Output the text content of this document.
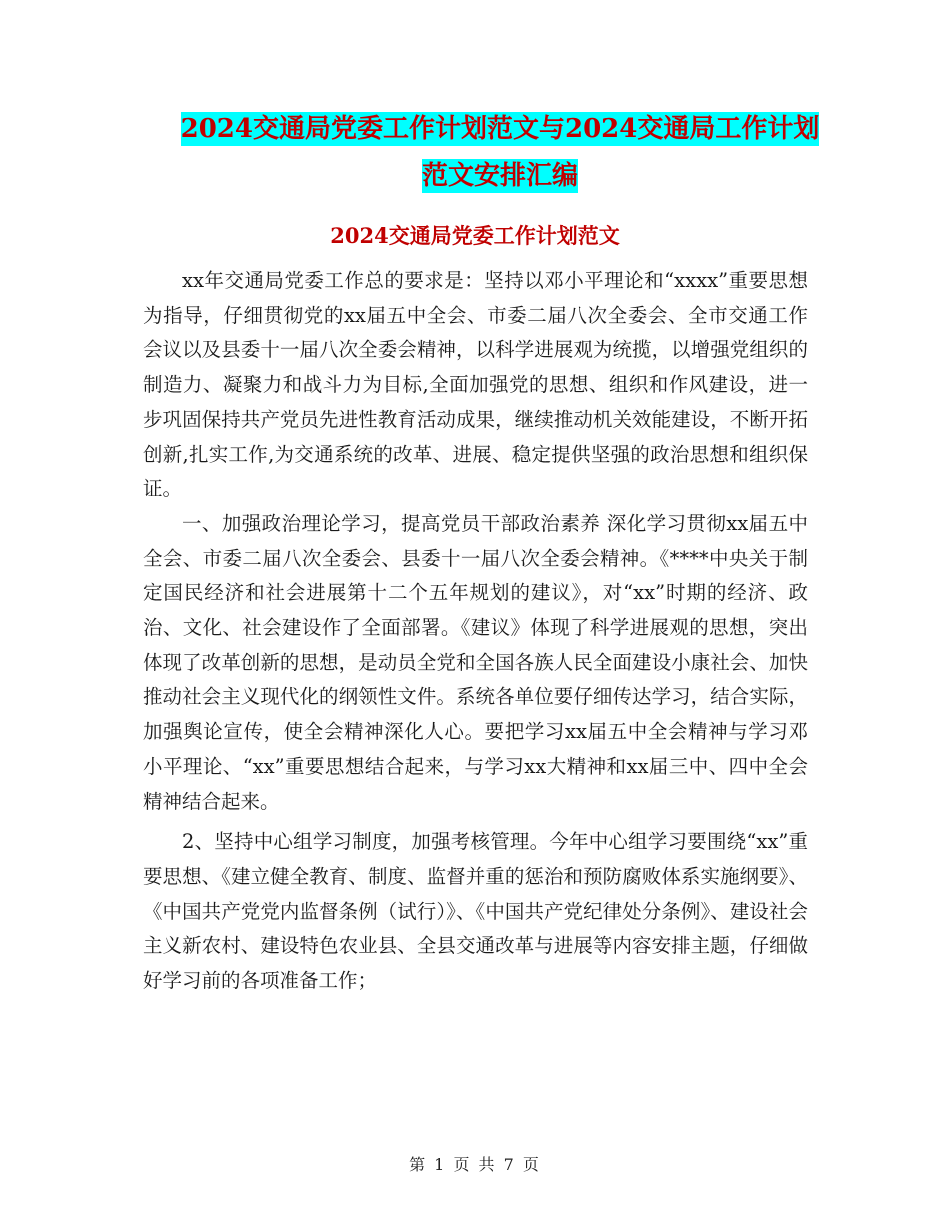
2024交通局党委工作计划范文与2024交通局工作计划
范文安排汇编
2024交通局党委工作计划范文

xx年交通局党委工作总的要求是：坚持以邓小平理论和“xxxx”重要思想为指导，仔细贯彻党的xx届五中全会、市委二届八次全委会、全市交通工作会议以及县委十一届八次全委会精神，以科学进展观为统揽，以增强党组织的制造力、凝聚力和战斗力为目标,全面加强党的思想、组织和作风建设，进一步巩固保持共产党员先进性教育活动成果，继续推动机关效能建设，不断开拓创新,扎实工作,为交通系统的改革、进展、稳定提供坚强的政治思想和组织保证。

一、加强政治理论学习，提高党员干部政治素养 深化学习贯彻xx届五中全会、市委二届八次全委会、县委十一届八次全委会精神。《****中央关于制定国民经济和社会进展第十二个五年规划的建议》，对“xx”时期的经济、政治、文化、社会建设作了全面部署。《建议》体现了科学进展观的思想，突出体现了改革创新的思想，是动员全党和全国各族人民全面建设小康社会、加快推动社会主义现代化的纲领性文件。系统各单位要仔细传达学习，结合实际，加强舆论宣传，使全会精神深化人心。要把学习xx届五中全会精神与学习邓小平理论、“xx”重要思想结合起来，与学习xx大精神和xx届三中、四中全会精神结合起来。

2、坚持中心组学习制度，加强考核管理。今年中心组学习要围绕“xx”重要思想、《建立健全教育、制度、监督并重的惩治和预防腐败体系实施纲要》、《中国共产党党内监督条例（试行）》、《中国共产党纪律处分条例》、建设社会主义新农村、建设特色农业县、全县交通改革与进展等内容安排主题，仔细做好学习前的各项准备工作；

第 1 页 共 7 页
